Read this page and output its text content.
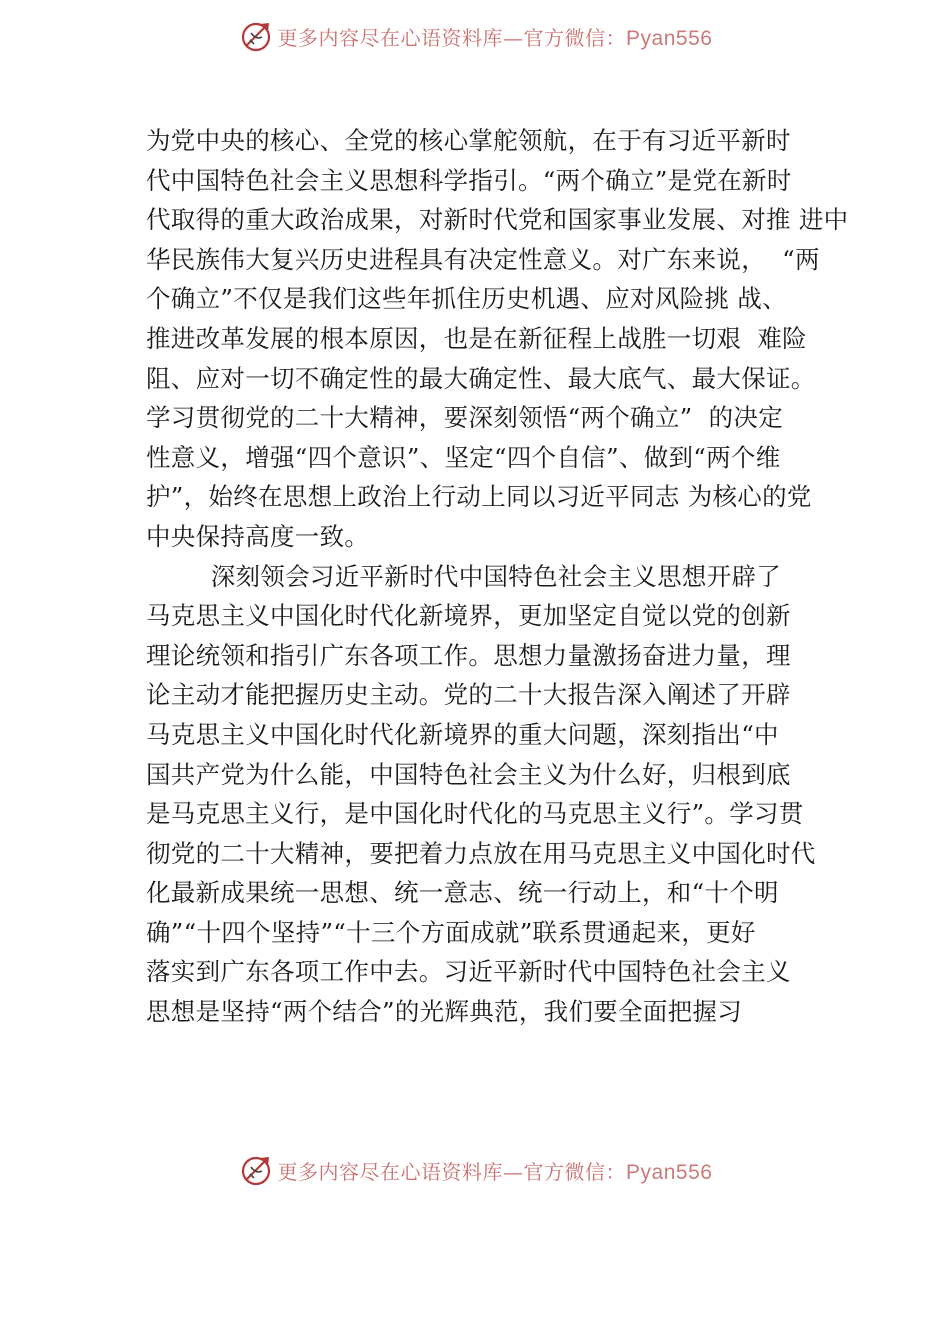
更多内容尽在心语资料库—官方微信：Pyan556
为党中央的核心、全党的核心掌舵领航，在于有习近平新时
代中国特色社会主义思想科学指引。“两个确立”是党在新时
代取得的重大政治成果，对新时代党和国家事业发展、对推 进中
华民族伟大复兴历史进程具有决定性意义。对广东来说，  “两
个确立”不仅是我们这些年抓住历史机遇、应对风险挑 战、
推进改革发展的根本原因，也是在新征程上战胜一切艰  难险
阻、应对一切不确定性的最大确定性、最大底气、最大保证。
学习贯彻党的二十大精神，要深刻领悟“两个确立”  的决定
性意义，增强“四个意识”、坚定“四个自信”、做到“两个维
护”，始终在思想上政治上行动上同以习近平同志 为核心的党
中央保持高度一致。
深刻领会习近平新时代中国特色社会主义思想开辟了
马克思主义中国化时代化新境界，更加坚定自觉以党的创新
理论统领和指引广东各项工作。思想力量激扬奋进力量，理
论主动才能把握历史主动。党的二十大报告深入阐述了开辟
马克思主义中国化时代化新境界的重大问题，深刻指出“中
国共产党为什么能，中国特色社会主义为什么好，归根到底
是马克思主义行，是中国化时代化的马克思主义行”。学习贯
彻党的二十大精神，要把着力点放在用马克思主义中国化时代
化最新成果统一思想、统一意志、统一行动上，和“十个明
确”“十四个坚持”“十三个方面成就”联系贯通起来，更好
落实到广东各项工作中去。习近平新时代中国特色社会主义
思想是坚持“两个结合”的光辉典范，我们要全面把握习
更多内容尽在心语资料库—官方微信：Pyan556
